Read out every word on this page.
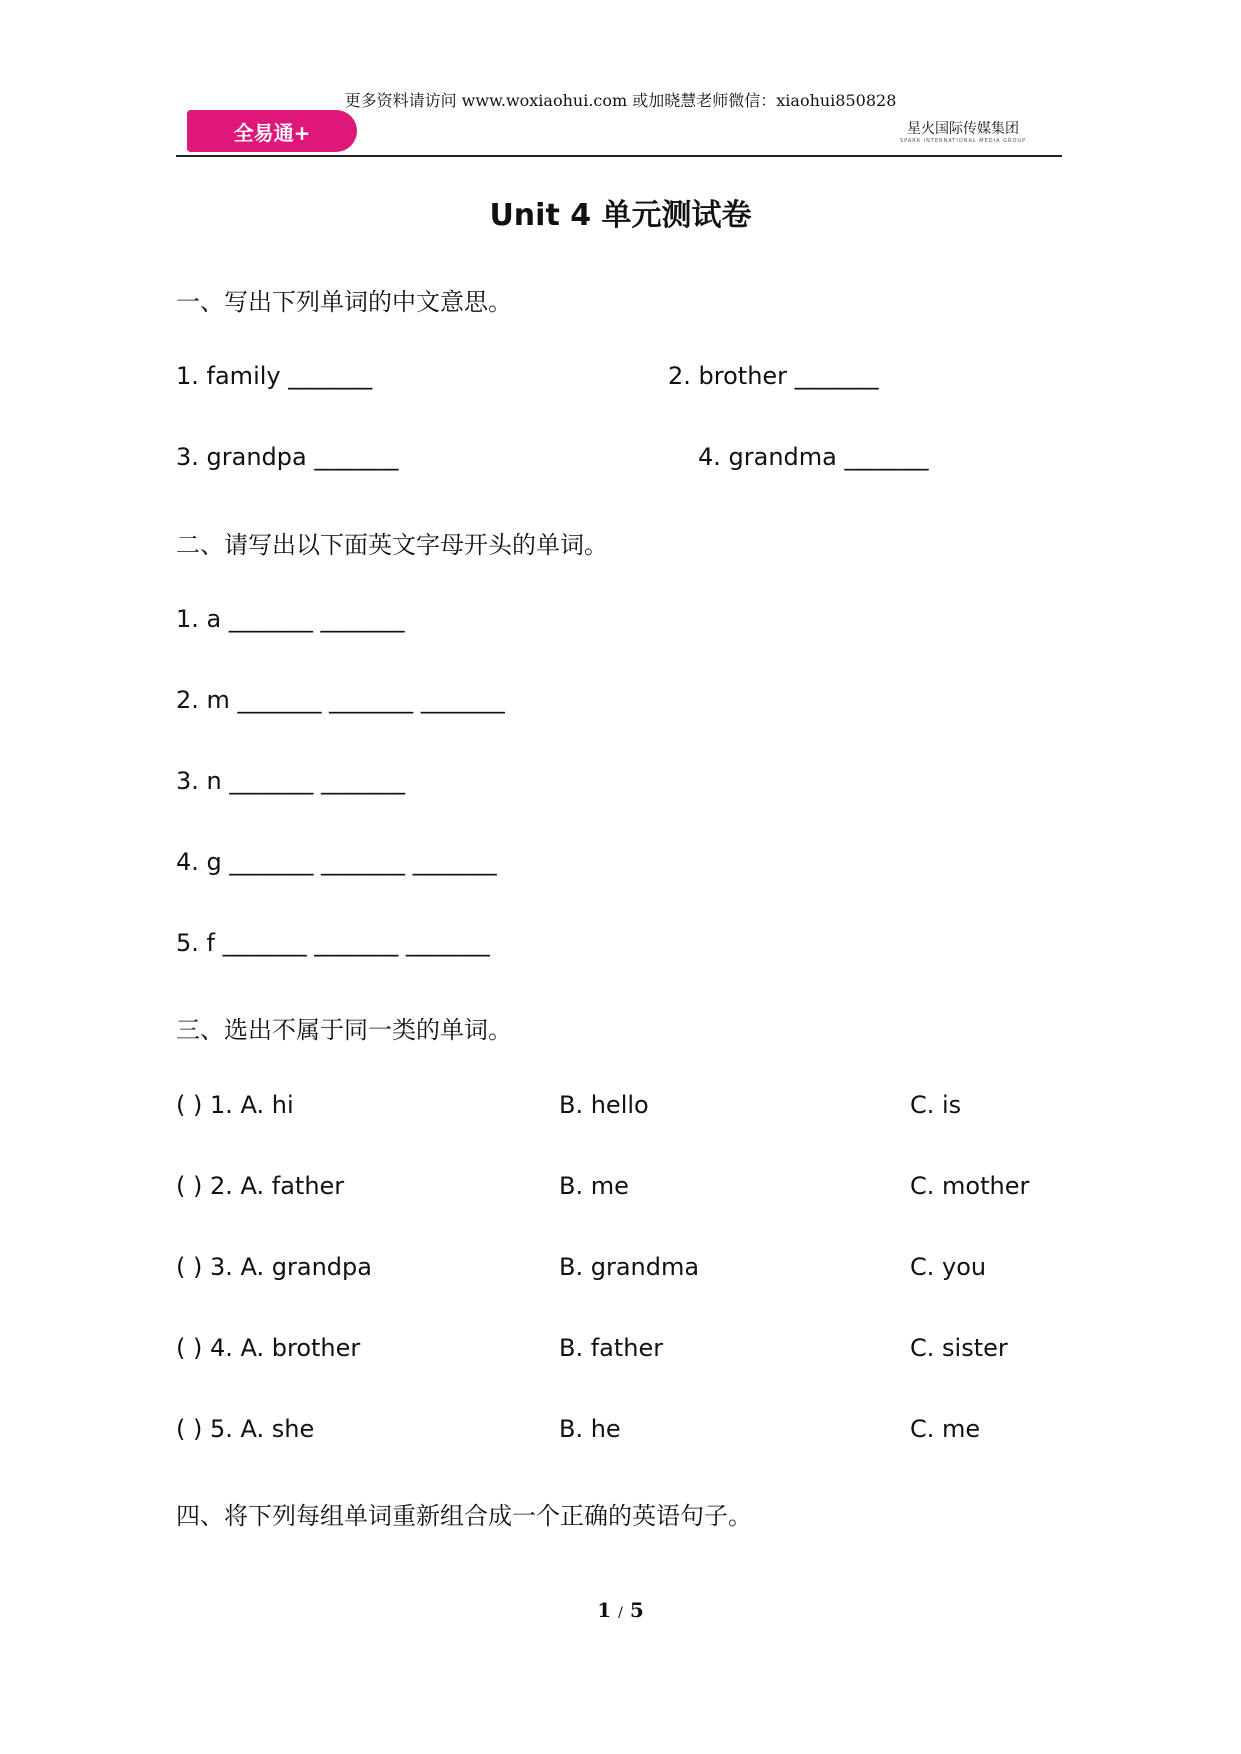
更多资料请访问 www.woxiaohui.com 或加晓慧老师微信：xiaohui850828
全易通+	星火国际传媒集团
SPARK INTERNATIONAL MEDIA GROUP
Unit 4 单元测试卷
一、写出下列单词的中文意思。
1. family _______	2. brother _______
3. grandpa _______	4. grandma _______
二、请写出以下面英文字母开头的单词。
1. a _______ _______
2. m _______ _______ _______
3. n _______ _______
4. g _______ _______ _______
5. f _______ _______ _______
三、选出不属于同一类的单词。
( ) 1. A. hi	B. hello	C. is
( ) 2. A. father	B. me	C. mother
( ) 3. A. grandpa	B. grandma	C. you
( ) 4. A. brother	B. father	C. sister
( ) 5. A. she	B. he	C. me
四、将下列每组单词重新组合成一个正确的英语句子。
1 / 5
